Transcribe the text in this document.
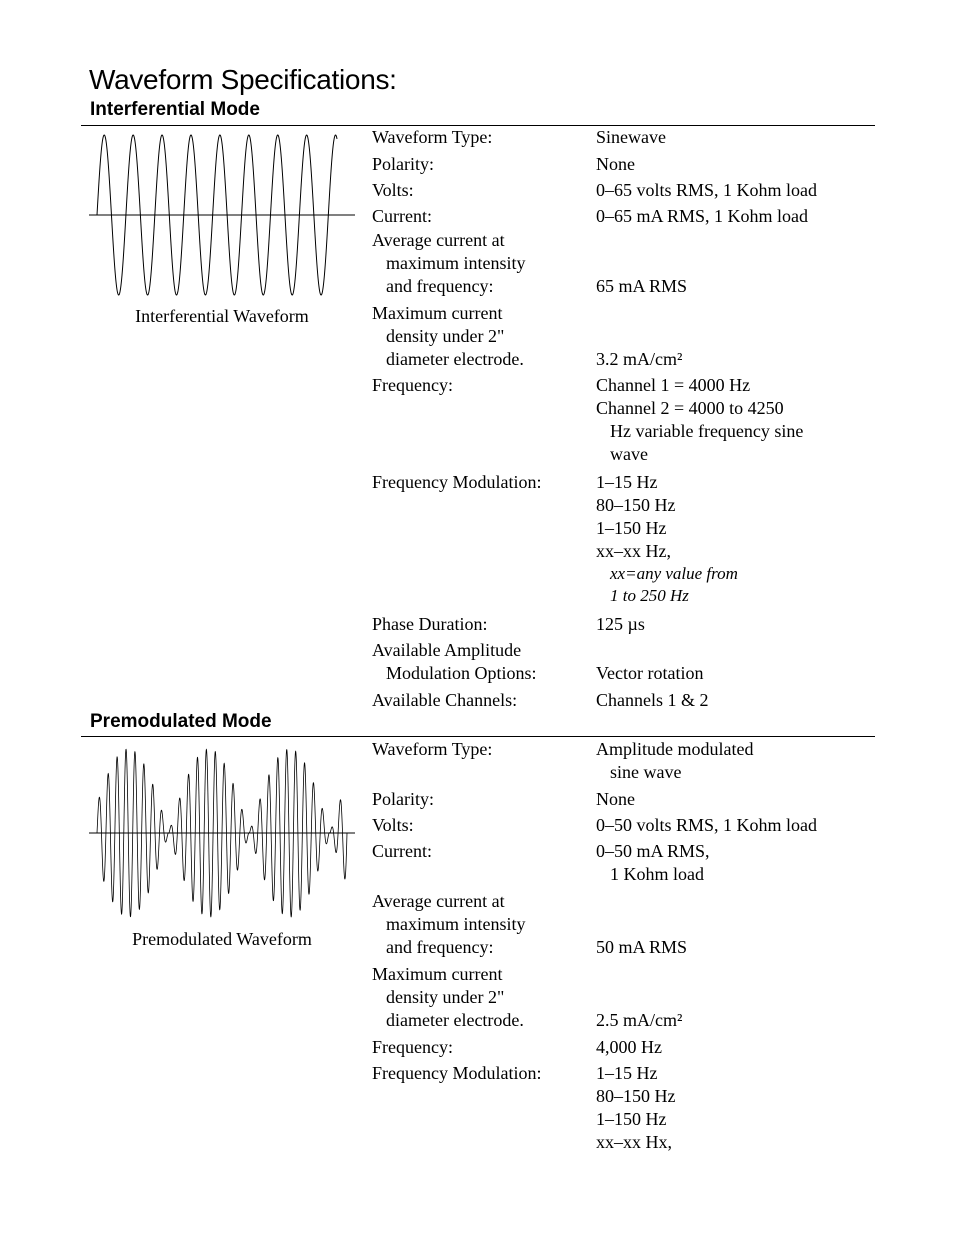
Waveform Specifications:
Interferential Mode
Interferential Waveform
Waveform Type:	Sinewave
Polarity:	None
Volts:	0–65 volts RMS, 1 Kohm load
Current:	0–65 mA RMS, 1 Kohm load
Average current at
maximum intensity
and frequency:	65 mA RMS
Maximum current
density under 2"
diameter electrode.	3.2 mA/cm²
Frequency:	Channel 1 = 4000 Hz
Channel 2 = 4000 to 4250
Hz variable frequency sine
wave
Frequency Modulation:	1–15 Hz
80–150 Hz
1–150 Hz
xx–xx Hz,
xx=any value from
1 to 250 Hz
Phase Duration:	125 µs
Available Amplitude
Modulation Options:	Vector rotation
Available Channels:	Channels 1 & 2
Premodulated Mode
Premodulated Waveform
Waveform Type:	Amplitude modulated
sine wave
Polarity:	None
Volts:	0–50 volts RMS, 1 Kohm load
Current:	0–50 mA RMS,
1 Kohm load
Average current at
maximum intensity
and frequency:	50 mA RMS
Maximum current
density under 2"
diameter electrode.	2.5 mA/cm²
Frequency:	4,000 Hz
Frequency Modulation:	1–15 Hz
80–150 Hz
1–150 Hz
xx–xx Hx,
